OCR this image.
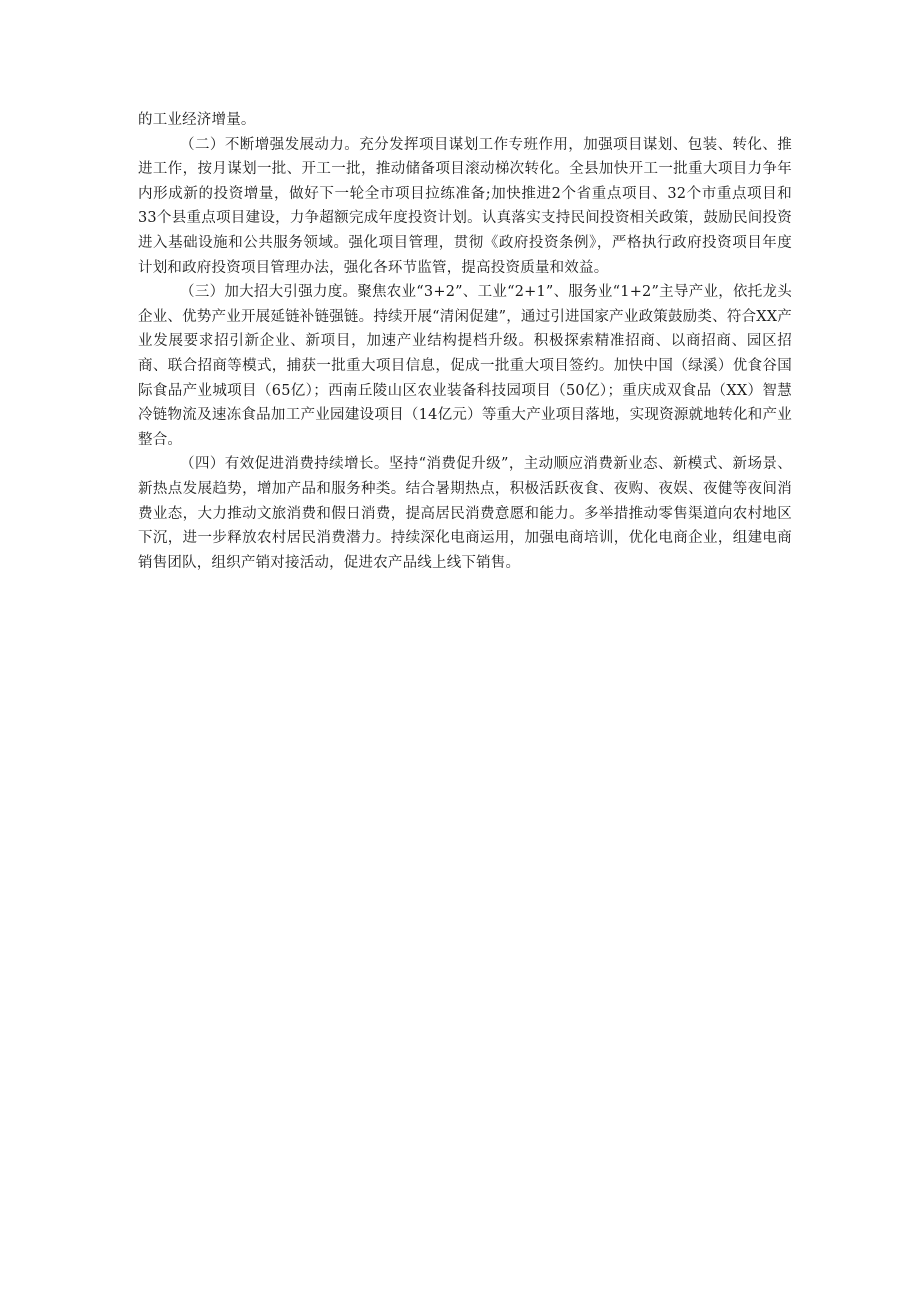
的工业经济增量。

（二）不断增强发展动力。充分发挥项目谋划工作专班作用，加强项目谋划、包装、转化、推进工作，按月谋划一批、开工一批，推动储备项目滚动梯次转化。全县加快开工一批重大项目力争年内形成新的投资增量，做好下一轮全市项目拉练准备;加快推进2个省重点项目、32个市重点项目和33个县重点项目建设，力争超额完成年度投资计划。认真落实支持民间投资相关政策，鼓励民间投资进入基础设施和公共服务领域。强化项目管理，贯彻《政府投资条例》，严格执行政府投资项目年度计划和政府投资项目管理办法，强化各环节监管，提高投资质量和效益。

（三）加大招大引强力度。聚焦农业“3+2”、工业“2+1”、服务业“1+2”主导产业，依托龙头企业、优势产业开展延链补链强链。持续开展“清闲促建”，通过引进国家产业政策鼓励类、符合XX产业发展要求招引新企业、新项目，加速产业结构提档升级。积极探索精准招商、以商招商、园区招商、联合招商等模式，捕获一批重大项目信息，促成一批重大项目签约。加快中国（绿溪）优食谷国际食品产业城项目（65亿）；西南丘陵山区农业装备科技园项目（50亿）；重庆成双食品（XX）智慧冷链物流及速冻食品加工产业园建设项目（14亿元）等重大产业项目落地，实现资源就地转化和产业整合。

（四）有效促进消费持续增长。坚持“消费促升级”，主动顺应消费新业态、新模式、新场景、新热点发展趋势，增加产品和服务种类。结合暑期热点，积极活跃夜食、夜购、夜娱、夜健等夜间消费业态，大力推动文旅消费和假日消费，提高居民消费意愿和能力。多举措推动零售渠道向农村地区下沉，进一步释放农村居民消费潜力。持续深化电商运用，加强电商培训，优化电商企业，组建电商销售团队，组织产销对接活动，促进农产品线上线下销售。
